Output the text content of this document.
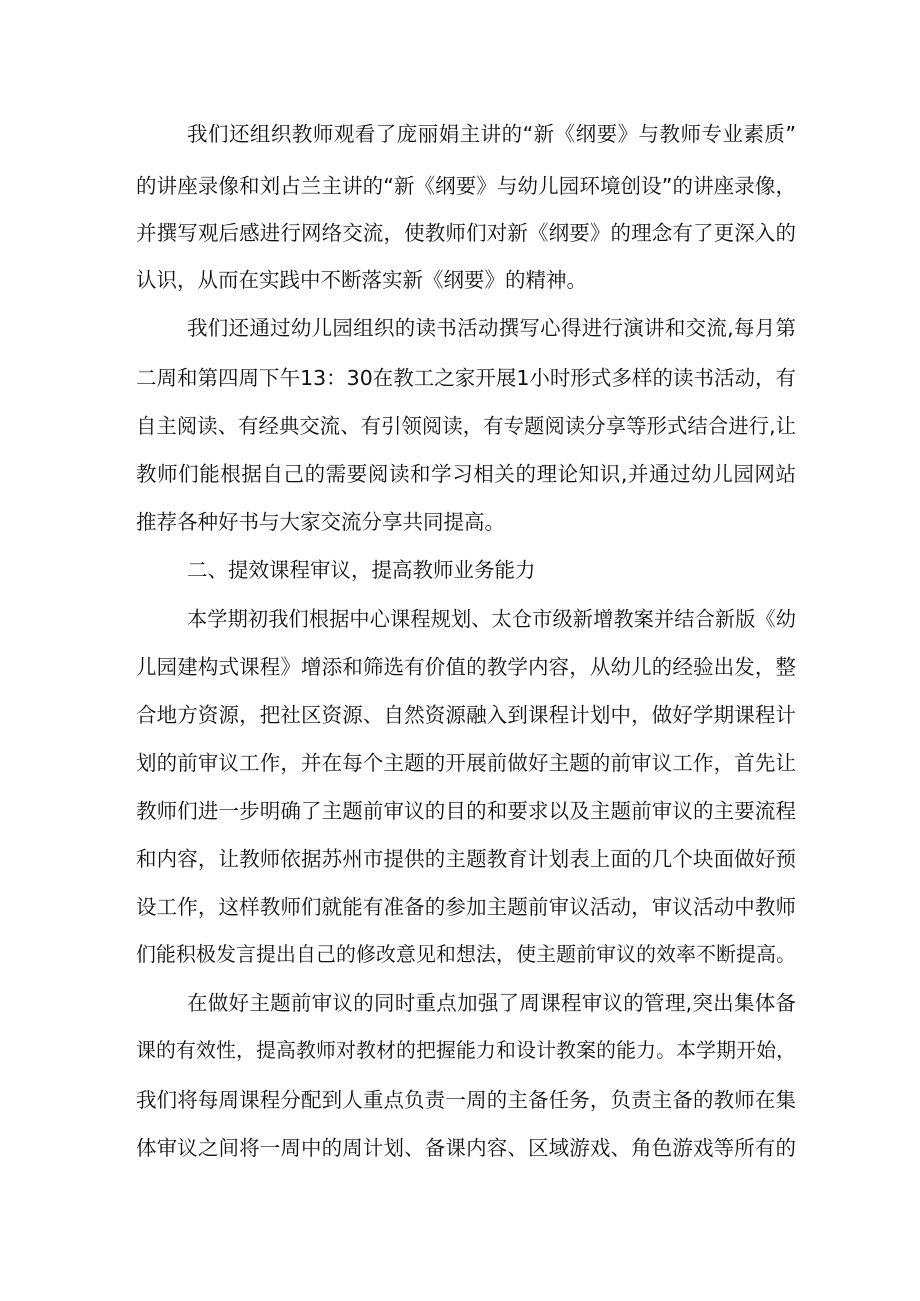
我们还组织教师观看了庞丽娟主讲的“新《纲要》与教师专业素质”
的讲座录像和刘占兰主讲的“新《纲要》与幼儿园环境创设”的讲座录像，
并撰写观后感进行网络交流，使教师们对新《纲要》的理念有了更深入的
认识，从而在实践中不断落实新《纲要》的精神。
我们还通过幼儿园组织的读书活动撰写心得进行演讲和交流,每月第
二周和第四周下午13：30在教工之家开展1小时形式多样的读书活动，有
自主阅读、有经典交流、有引领阅读，有专题阅读分享等形式结合进行,让
教师们能根据自己的需要阅读和学习相关的理论知识,并通过幼儿园网站
推荐各种好书与大家交流分享共同提高。
二、提效课程审议，提高教师业务能力
本学期初我们根据中心课程规划、太仓市级新增教案并结合新版《幼
儿园建构式课程》增添和筛选有价值的教学内容，从幼儿的经验出发，整
合地方资源，把社区资源、自然资源融入到课程计划中，做好学期课程计
划的前审议工作，并在每个主题的开展前做好主题的前审议工作，首先让
教师们进一步明确了主题前审议的目的和要求以及主题前审议的主要流程
和内容，让教师依据苏州市提供的主题教育计划表上面的几个块面做好预
设工作，这样教师们就能有准备的参加主题前审议活动，审议活动中教师
们能积极发言提出自己的修改意见和想法，使主题前审议的效率不断提高。
在做好主题前审议的同时重点加强了周课程审议的管理,突出集体备
课的有效性，提高教师对教材的把握能力和设计教案的能力。本学期开始，
我们将每周课程分配到人重点负责一周的主备任务，负责主备的教师在集
体审议之间将一周中的周计划、备课内容、区域游戏、角色游戏等所有的
